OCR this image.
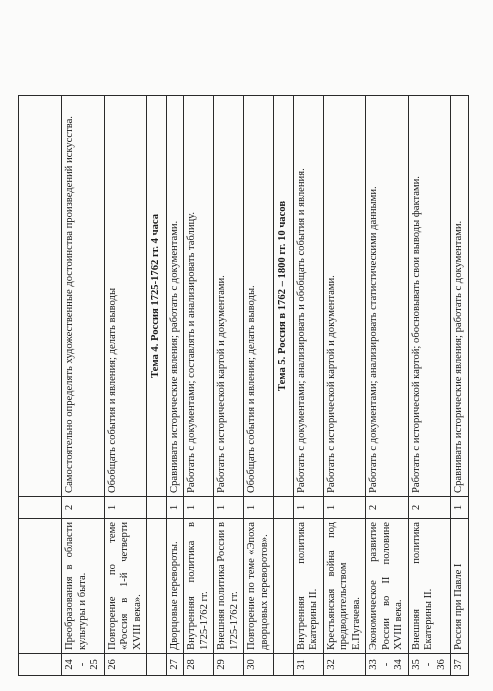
24 - 25	Преобразования в области культуры и быта.	2	Самостоятельно определять художественные достоинства произведений искусства.
26	Повторение по теме «Россия в 1-й четверти XVIII века».	1	Обобщать события и явления; делать выводы
			Тема 4. Россия 1725-1762 гг. 4 часа
27	Дворцовые перевороты.	1	Сравнивать исторические явления; работать с документами.
28	Внутренняя политика в 1725-1762 гг.	1	Работать с документами; составлять и анализировать таблицу.
29	Внешняя политика России в 1725-1762 гг.	1	Работать с исторической картой и документами.
30	Повторение по теме «Эпоха дворцовых переворотов».	1	Обобщать события и явления; делать выводы.
			Тема 5. Россия в 1762 – 1800 гг. 10 часов
31	Внутренняя политика Екатерины II.	1	Работать с документами; анализировать и обобщать события и явления.
32	Крестьянская война под предводительством Е.Пугачева.	1	Работать с исторической картой и документами.
33 - 34	Экономическое развитие России во II половине XVIII века.	2	Работать с документами; анализировать статистическими данными.
35 - 36	Внешняя политика Екатерины II.	2	Работать с исторической картой; обосновывать свои выводы фактами.
37	Россия при Павле I	1	Сравнивать исторические явления; работать с документами.
